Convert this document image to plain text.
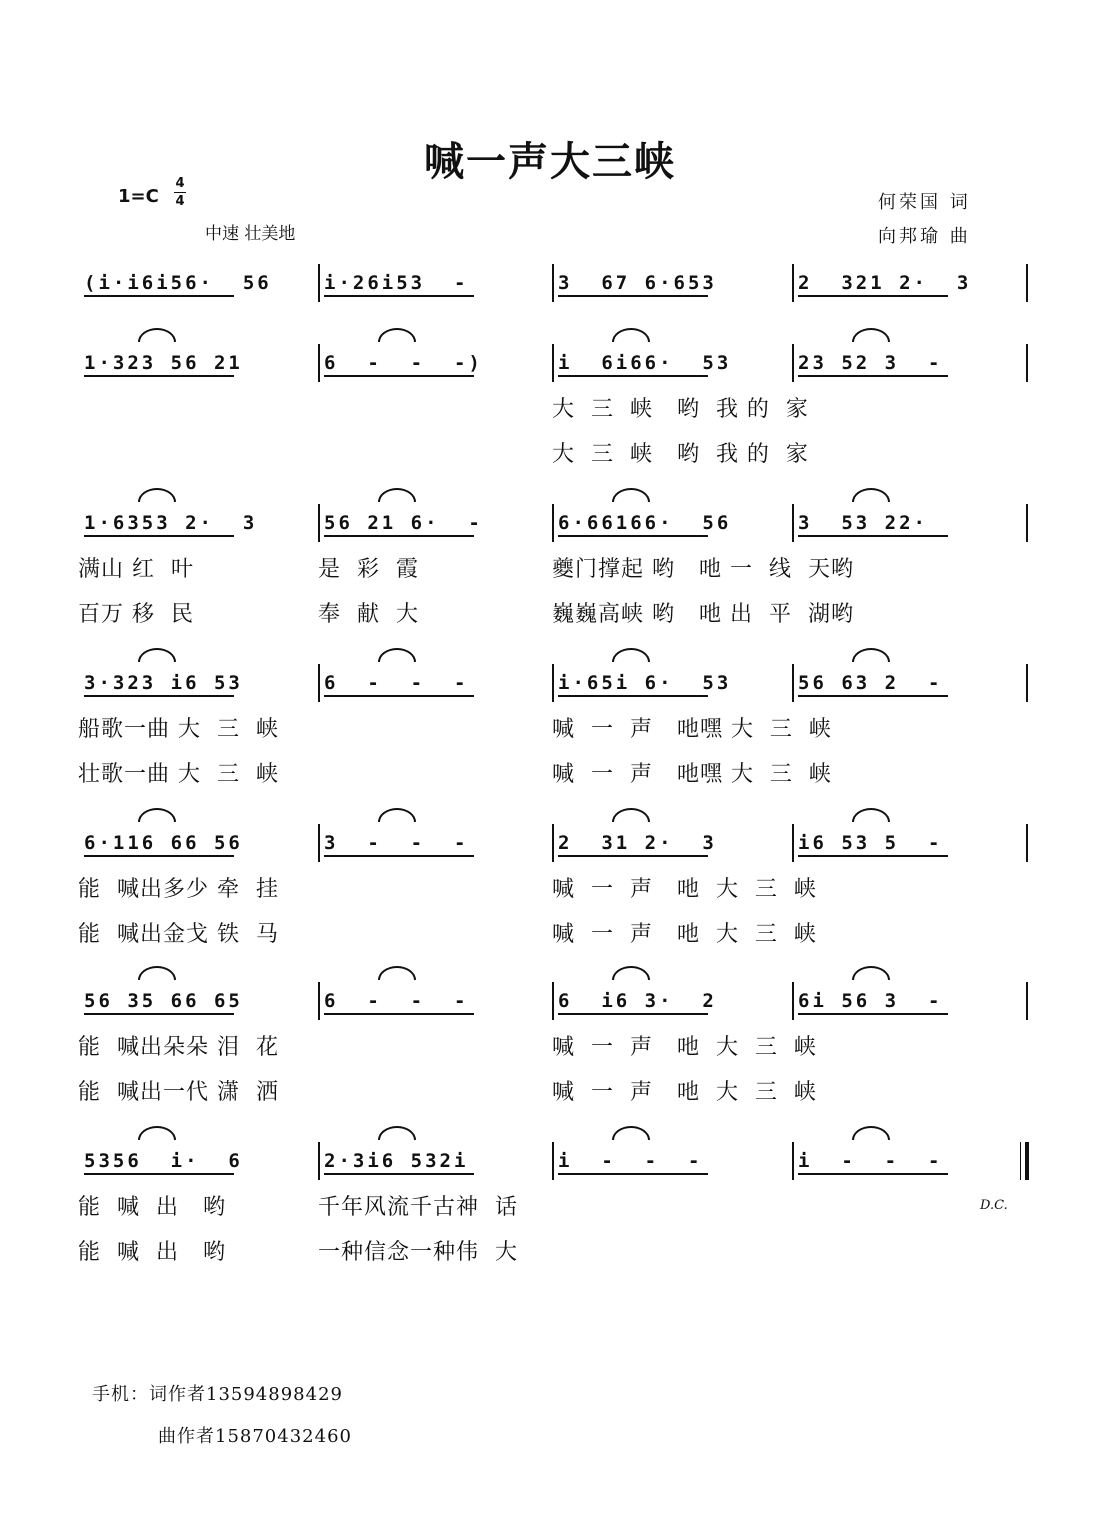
喊一声大三峡
1=C
4
4
中速 壮美地
何荣国 词
向邦瑜 曲
(i·i6i56·  56	i·26i53  -	3  67 6·653	2  321 2·  3
1·323 56 21	6  -  -  -)	i  6i66·  53	23 52 3  -
大  三  峡   哟  我 的  家
大  三  峡   哟  我 的  家
1·6353 2·  3	56 21 6·  -	6·66166·  56	3  53 22·
满山 红  叶	是  彩  霞	夔门撑起 哟   吔 一  线  天哟
百万 移  民	奉  献  大	巍巍高峡 哟   吔 出  平  湖哟
3·323 i6 53	6  -  -  -	i·65i 6·  53	56 63 2  -
船歌一曲 大  三  峡	喊  一  声   吔嘿 大  三  峡
壮歌一曲 大  三  峡	喊  一  声   吔嘿 大  三  峡
6·116 66 56	3  -  -  -	2  31 2·  3	i6 53 5  -
能  喊出多少 牵  挂	喊  一  声   吔  大  三  峡
能  喊出金戈 铁  马	喊  一  声   吔  大  三  峡
56 35 66 65	6  -  -  -	6  i6 3·  2	6i 56 3  -
能  喊出朵朵 泪  花	喊  一  声   吔  大  三  峡
能  喊出一代 潇  洒	喊  一  声   吔  大  三  峡
5356  i·  6	2·3i6 532i	i  -  -  -	i  -  -  -
能  喊  出   哟	千年风流千古神  话
能  喊  出   哟	一种信念一种伟  大
D.C.
手机：词作者13594898429
曲作者15870432460
